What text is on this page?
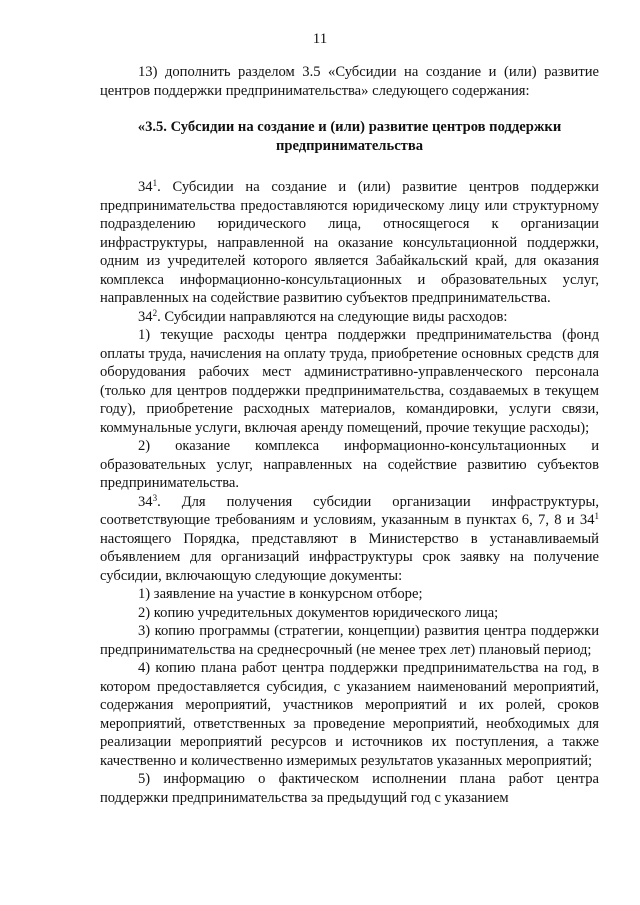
11

13) дополнить разделом 3.5 «Субсидии на создание и (или) развитие центров поддержки предпринимательства» следующего содержания:

«3.5. Субсидии на создание и (или) развитие центров поддержки предпринимательства

$34^1$. Субсидии на создание и (или) развитие центров поддержки предпринимательства предоставляются юридическому лицу или структурному подразделению юридического лица, относящегося к организации инфраструктуры, направленной на оказание консультационной поддержки, одним из учредителей которого является Забайкальский край, для оказания комплекса информационно-консультационных и образовательных услуг, направленных на содействие развитию субъектов предпринимательства.

$34^2$. Субсидии направляются на следующие виды расходов:

1) текущие расходы центра поддержки предпринимательства (фонд оплаты труда, начисления на оплату труда, приобретение основных средств для оборудования рабочих мест административно-управленческого персонала (только для центров поддержки предпринимательства, создаваемых в текущем году), приобретение расходных материалов, командировки, услуги связи, коммунальные услуги, включая аренду помещений, прочие текущие расходы);

2) оказание комплекса информационно-консультационных и образовательных услуг, направленных на содействие развитию субъектов предпринимательства.

$34^3$. Для получения субсидии организации инфраструктуры, соответствующие требованиям и условиям, указанным в пунктах 6, 7, 8 и $34^1$ настоящего Порядка, представляют в Министерство в устанавливаемый объявлением для организаций инфраструктуры срок заявку на получение субсидии, включающую следующие документы:

1) заявление на участие в конкурсном отборе;

2) копию учредительных документов юридического лица;

3) копию программы (стратегии, концепции) развития центра поддержки предпринимательства на среднесрочный (не менее трех лет) плановый период;

4) копию плана работ центра поддержки предпринимательства на год, в котором предоставляется субсидия, с указанием наименований мероприятий, содержания мероприятий, участников мероприятий и их ролей, сроков мероприятий, ответственных за проведение мероприятий, необходимых для реализации мероприятий ресурсов и источников их поступления, а также качественно и количественно измеримых результатов указанных мероприятий;

5) информацию о фактическом исполнении плана работ центра поддержки предпринимательства за предыдущий год с указанием
